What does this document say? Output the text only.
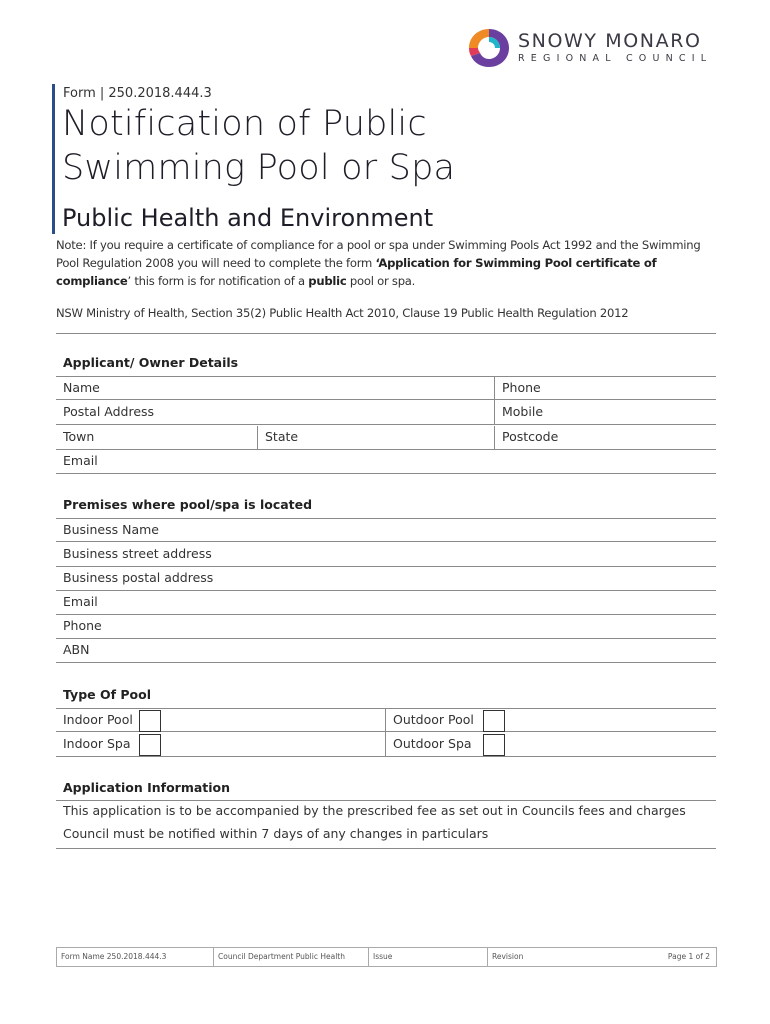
SNOWY MONARO
REGIONAL COUNCIL
Form | 250.2018.444.3
Notification of Public
Swimming Pool or Spa
Public Health and Environment
Note: If you require a certificate of compliance for a pool or spa under Swimming Pools Act 1992 and the Swimming Pool Regulation 2008 you will need to complete the form ‘Application for Swimming Pool certificate of compliance’ this form is for notification of a public pool or spa.
NSW Ministry of Health, Section 35(2) Public Health Act 2010, Clause 19 Public Health Regulation 2012
Applicant/ Owner Details
Name	Phone
Postal Address	Mobile
Town	State	Postcode
Email
Premises where pool/spa is located
Business Name
Business street address
Business postal address
Email
Phone
ABN
Type Of Pool
Indoor Pool	Outdoor Pool
Indoor Spa	Outdoor Spa
Application Information
This application is to be accompanied by the prescribed fee as set out in Councils fees and charges
Council must be notified within 7 days of any changes in particulars
Form Name 250.2018.444.3	Council Department Public Health	Issue	Revision	Page 1 of 2
